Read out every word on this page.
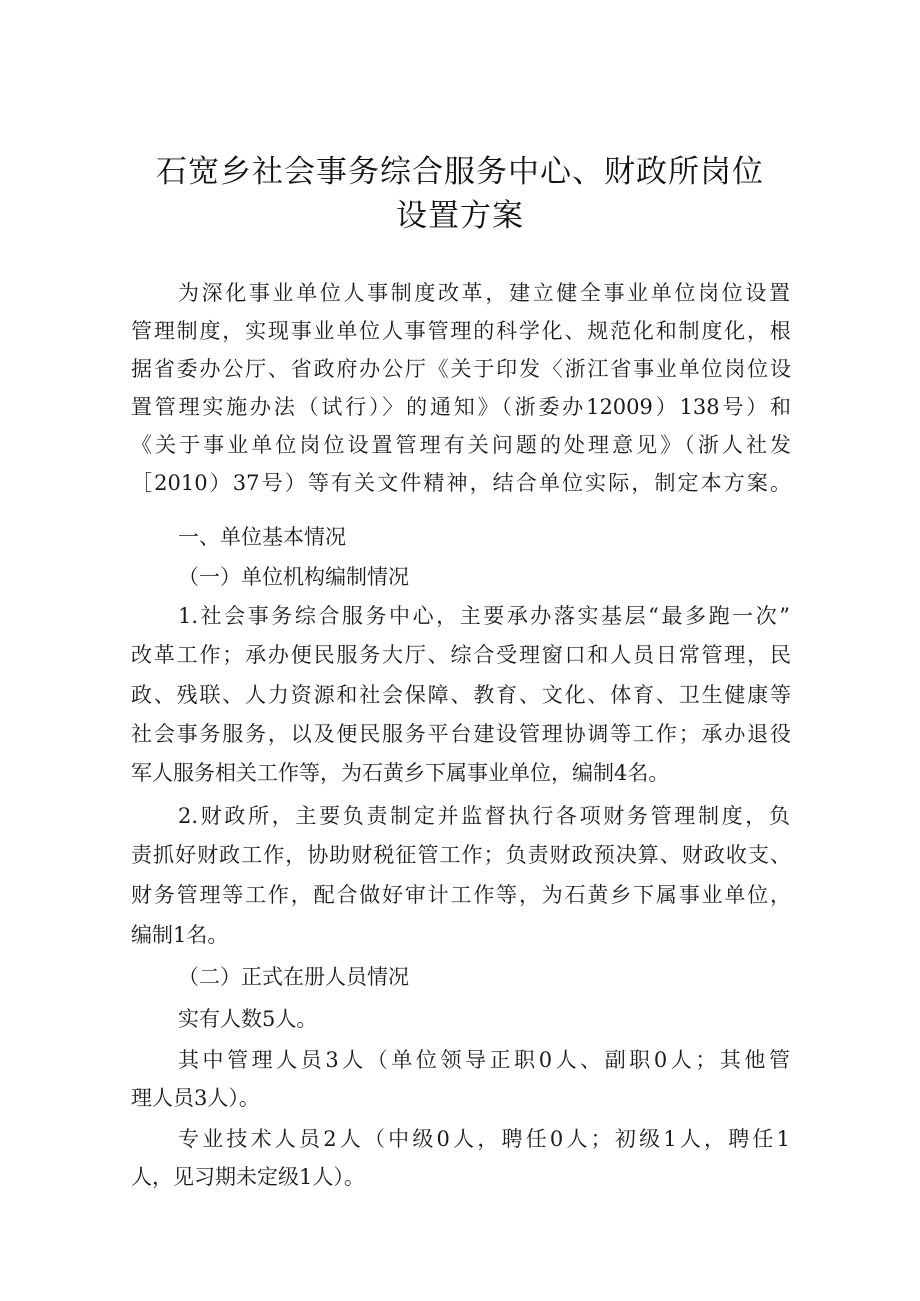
石宽乡社会事务综合服务中心、财政所岗位
设置方案
为深化事业单位人事制度改革，建立健全事业单位岗位设置
管理制度，实现事业单位人事管理的科学化、规范化和制度化，根
据省委办公厅、省政府办公厅《关于印发〈浙江省事业单位岗位设
置管理实施办法（试行）〉的通知》（浙委办12009）138号）和
《关于事业单位岗位设置管理有关问题的处理意见》（浙人社发
［2010）37号）等有关文件精神，结合单位实际，制定本方案。
一、单位基本情况
（一）单位机构编制情况
1.社会事务综合服务中心，主要承办落实基层“最多跑一次”
改革工作；承办便民服务大厅、综合受理窗口和人员日常管理，民
政、残联、人力资源和社会保障、教育、文化、体育、卫生健康等
社会事务服务，以及便民服务平台建设管理协调等工作；承办退役
军人服务相关工作等，为石黄乡下属事业单位，编制4名。
2.财政所，主要负责制定并监督执行各项财务管理制度，负
责抓好财政工作，协助财税征管工作；负责财政预决算、财政收支、
财务管理等工作，配合做好审计工作等，为石黄乡下属事业单位，
编制1名。
（二）正式在册人员情况
实有人数5人。
其中管理人员3人（单位领导正职0人、副职0人；其他管
理人员3人）。
专业技术人员2人（中级0人，聘任0人；初级1人，聘任1
人，见习期未定级1人）。
